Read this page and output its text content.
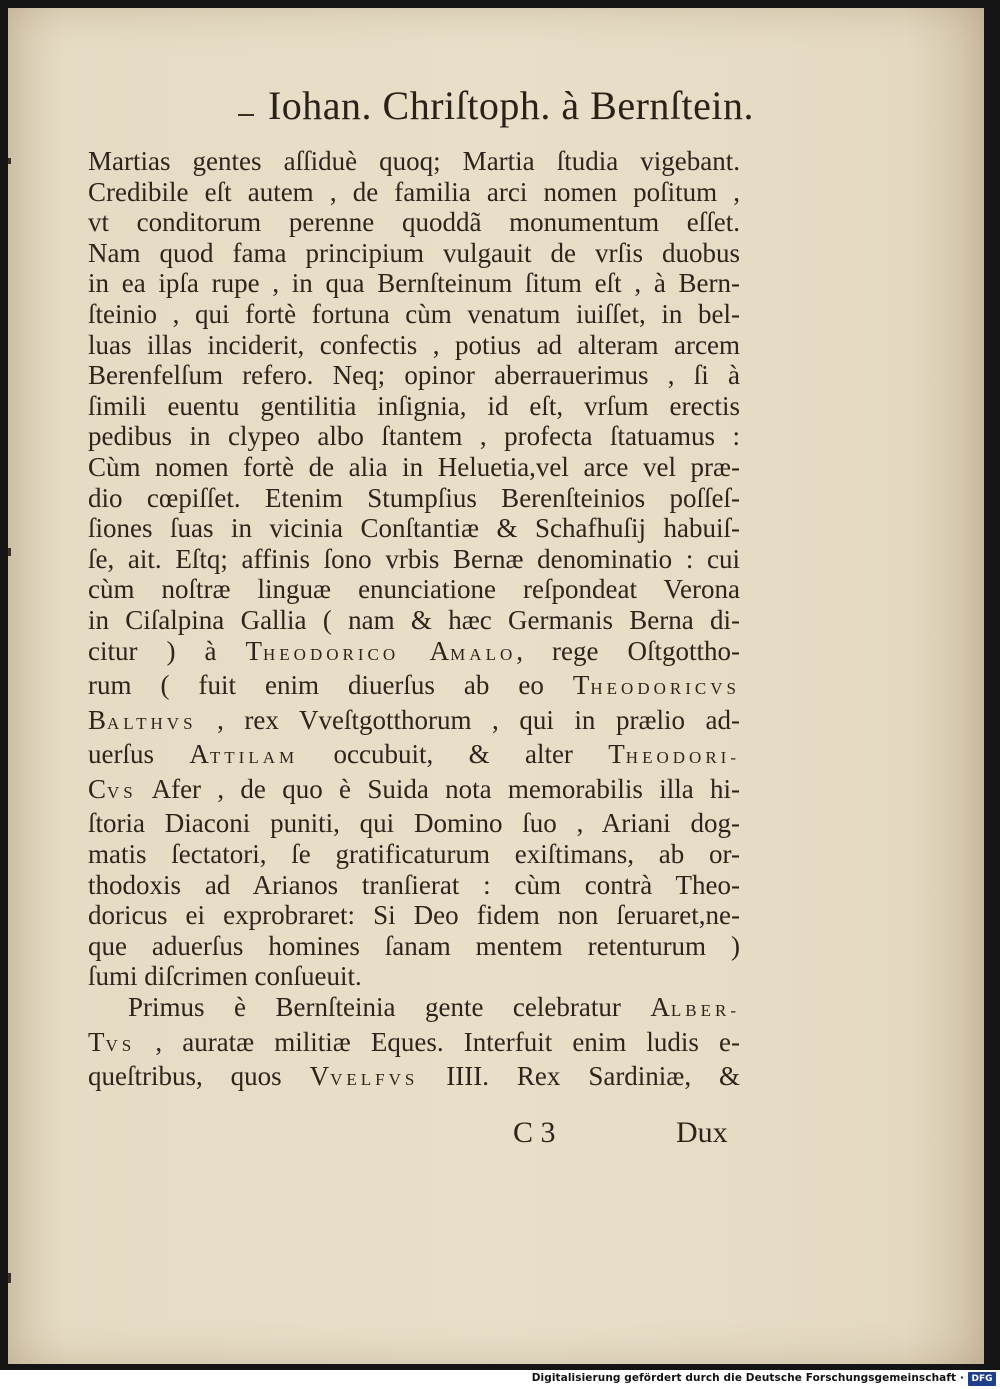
Iohan. Chriſtoph. à Bernſtein.
Martias gentes aſſiduè quoq; Martia ſtudia vigebant.
Credibile eſt autem , de familia arci nomen poſitum ,
vt conditorum perenne quoddã monumentum eſſet.
Nam quod fama principium vulgauit de vrſis duobus
in ea ipſa rupe , in qua Bernſteinum ſitum eſt , à Bern-
ſteinio , qui fortè fortuna cùm venatum iuiſſet, in bel-
luas illas inciderit, confectis , potius ad alteram arcem
Berenfelſum refero. Neq; opinor aberrauerimus , ſi à
ſimili euentu gentilitia inſignia, id eſt, vrſum erectis
pedibus in clypeo albo ſtantem , profecta ſtatuamus :
Cùm nomen fortè de alia in Heluetia,vel arce vel præ-
dio cœpiſſet. Etenim Stumpſius Berenſteinios poſſeſ-
ſiones ſuas in vicinia Conſtantiæ & Schafhuſij habuiſ-
ſe, ait. Eſtq; affinis ſono vrbis Bernæ denominatio : cui
cùm noſtræ linguæ enunciatione reſpondeat Verona
in Ciſalpina Gallia ( nam & hæc Germanis Berna di-
citur ) à THEODORICO AMALO, rege Oſtgottho-
rum ( fuit enim diuerſus ab eo THEODORICVS
BALTHVS , rex Vveſtgotthorum , qui in prælio ad-
uerſus ATTILAM occubuit, & alter THEODORI-
CVS Afer , de quo è Suida nota memorabilis illa hi-
ſtoria Diaconi puniti, qui Domino ſuo , Ariani dog-
matis ſectatori, ſe gratificaturum exiſtimans, ab or-
thodoxis ad Arianos tranſierat : cùm contrà Theo-
doricus ei exprobraret: Si Deo fidem non ſeruaret,ne-
que aduerſus homines ſanam mentem retenturum )
ſumi diſcrimen conſueuit.
Primus è Bernſteinia gente celebratur ALBER-
TVS , auratæ militiæ Eques. Interfuit enim ludis e-
queſtribus, quos VVELFVS IIII. Rex Sardiniæ, &
C 3	Dux
Digitalisierung gefördert durch die Deutsche Forschungsgemeinschaft · DFG
